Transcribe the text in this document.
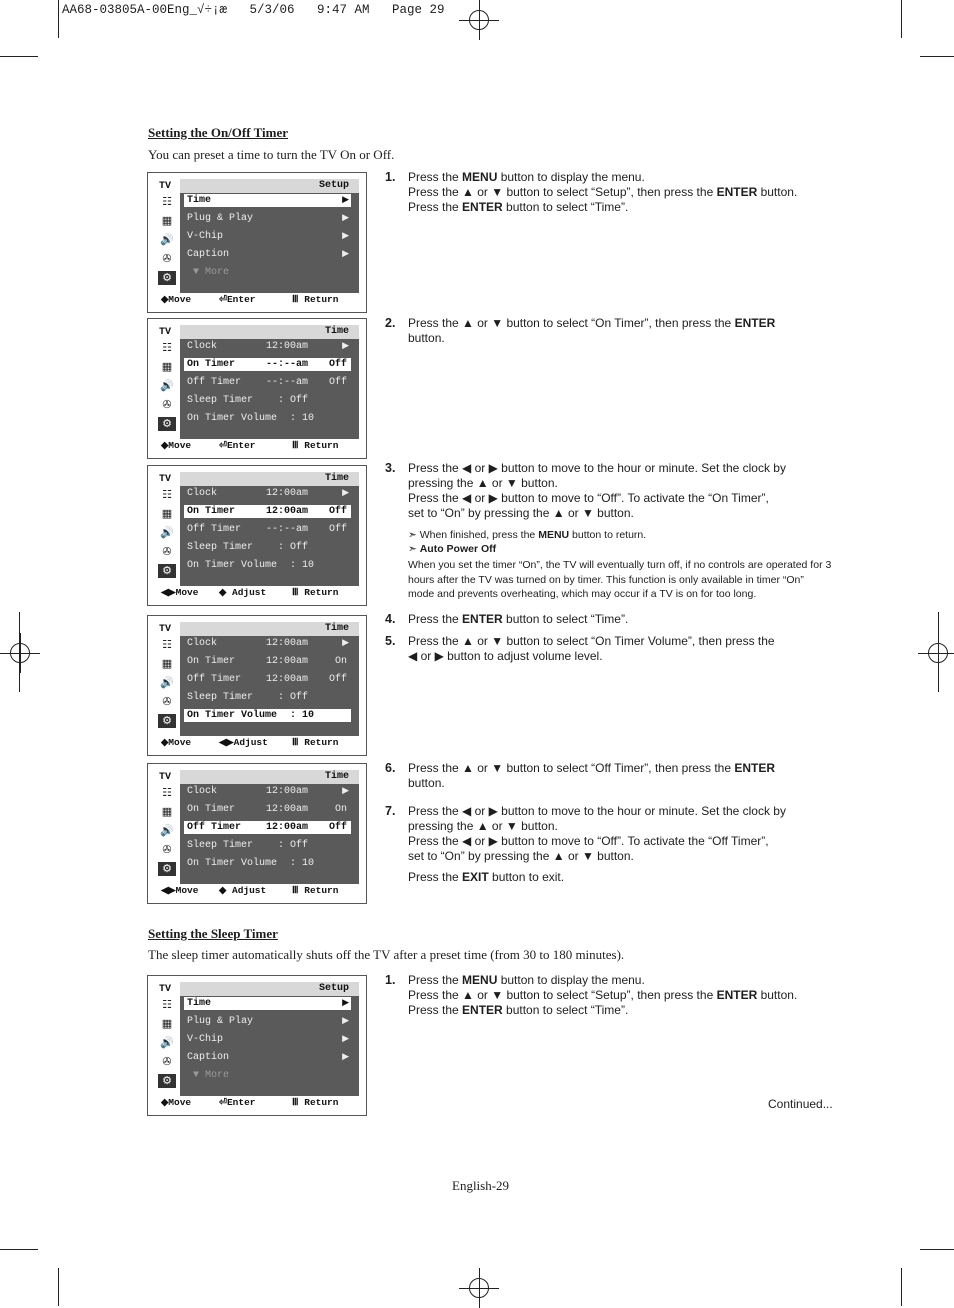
AA68-03805A-00Eng_√÷¡æ   5/3/06   9:47 AM   Page 29
Setting the On/Off Timer
You can preset a time to turn the TV On or Off.
Setting the Sleep Timer
The sleep timer automatically shuts off the TV after a preset time (from 30 to 180 minutes).
TV
☷
▦
🔊
✇
⚙
Setup
Time	▶
Plug & Play	▶
V-Chip	▶
Caption	▶
▼ More
◆Move	⏎Enter	Ⅲ Return
TV
☷
▦
🔊
✇
⚙
Time
Clock	12:00am	▶
On Timer	--:--am Off
Off Timer --:--am Off
Sleep Timer : Off
On Timer Volume
: 10
◆Move	⏎Enter	Ⅲ Return
TV
☷
▦
🔊
✇
⚙
Time
Clock	12:00am	▶
On Timer	12:00am Off
Off Timer --:--am Off
Sleep Timer : Off
On Timer Volume
: 10
◀▶Move ◆ Adjust	Ⅲ Return
TV
☷
▦
🔊
✇
⚙
Time
Clock	12:00am	▶
On Timer	12:00am	On
Off Timer 12:00am Off
Sleep Timer : Off
On Timer Volume
: 10
◆Move	◀▶Adjust	Ⅲ Return
TV
☷
▦
🔊
✇
⚙
Time
Clock	12:00am	▶
On Timer	12:00am	On
Off Timer 12:00am Off
Sleep Timer : Off
On Timer Volume
: 10
◀▶Move ◆ Adjust	Ⅲ Return
TV
☷
▦
🔊
✇
⚙
Setup
Time	▶
Plug & Play	▶
V-Chip	▶
Caption	▶
▼ More
◆Move	⏎Enter	Ⅲ Return
1. Press the MENU button to display the menu.
Press the ▲ or ▼ button to select “Setup”, then press the ENTER button.
Press the ENTER button to select “Time”.
2. Press the ▲ or ▼ button to select “On Timer”, then press the ENTER
button.
3. Press the ◀ or ▶ button to move to the hour or minute. Set the clock by
pressing the ▲ or ▼ button.
Press the ◀ or ▶ button to move to “Off”. To activate the “On Timer”,
set to “On” by pressing the ▲ or ▼ button.
4. Press the ENTER button to select “Time”.
5. Press the ▲ or ▼ button to select “On Timer Volume”, then press the
◀ or ▶ button to adjust volume level.
6. Press the ▲ or ▼ button to select “Off Timer”, then press the ENTER
button.
7. Press the ◀ or ▶ button to move to the hour or minute. Set the clock by
pressing the ▲ or ▼ button.
Press the ◀ or ▶ button to move to “Off”. To activate the “Off Timer”,
set to “On” by pressing the ▲ or ▼ button.
Press the EXIT button to exit.
1. Press the MENU button to display the menu.
Press the ▲ or ▼ button to select “Setup”, then press the ENTER button.
Press the ENTER button to select “Time”.
➣ When finished, press the MENU button to return.
➣ Auto Power Off
When you set the timer “On”, the TV will eventually turn off, if no controls are operated for 3 hours after the TV was turned on by timer. This function is only available in timer “On” mode and prevents overheating, which may occur if a TV is on for too long.
Continued...
English-29
